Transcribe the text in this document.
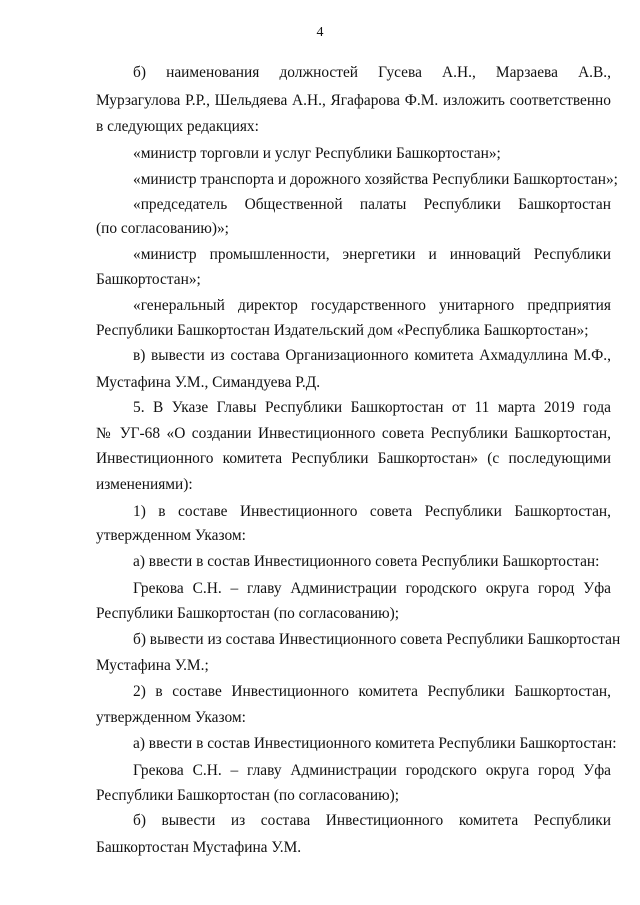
4
б) наименования должностей Гусева А.Н., Марзаева А.В.,
Мурзагулова Р.Р., Шельдяева А.Н., Ягафарова Ф.М. изложить соответственно
в следующих редакциях:
«министр торговли и услуг Республики Башкортостан»;
«министр транспорта и дорожного хозяйства Республики Башкортостан»;
«председатель Общественной палаты Республики Башкортостан
(по согласованию)»;
«министр промышленности, энергетики и инноваций Республики
Башкортостан»;
«генеральный директор государственного унитарного предприятия
Республики Башкортостан Издательский дом «Республика Башкортостан»;
в) вывести из состава Организационного комитета Ахмадуллина М.Ф.,
Мустафина У.М., Симандуева Р.Д.
5. В Указе Главы Республики Башкортостан от 11 марта 2019 года
№ УГ-68 «О создании Инвестиционного совета Республики Башкортостан,
Инвестиционного комитета Республики Башкортостан» (с последующими
изменениями):
1) в составе Инвестиционного совета Республики Башкортостан,
утвержденном Указом:
а) ввести в состав Инвестиционного совета Республики Башкортостан:
Грекова С.Н. – главу Администрации городского округа город Уфа
Республики Башкортостан (по согласованию);
б) вывести из состава Инвестиционного совета Республики Башкортостан
Мустафина У.М.;
2) в составе Инвестиционного комитета Республики Башкортостан,
утвержденном Указом:
а) ввести в состав Инвестиционного комитета Республики Башкортостан:
Грекова С.Н. – главу Администрации городского округа город Уфа
Республики Башкортостан (по согласованию);
б) вывести из состава Инвестиционного комитета Республики
Башкортостан Мустафина У.М.
